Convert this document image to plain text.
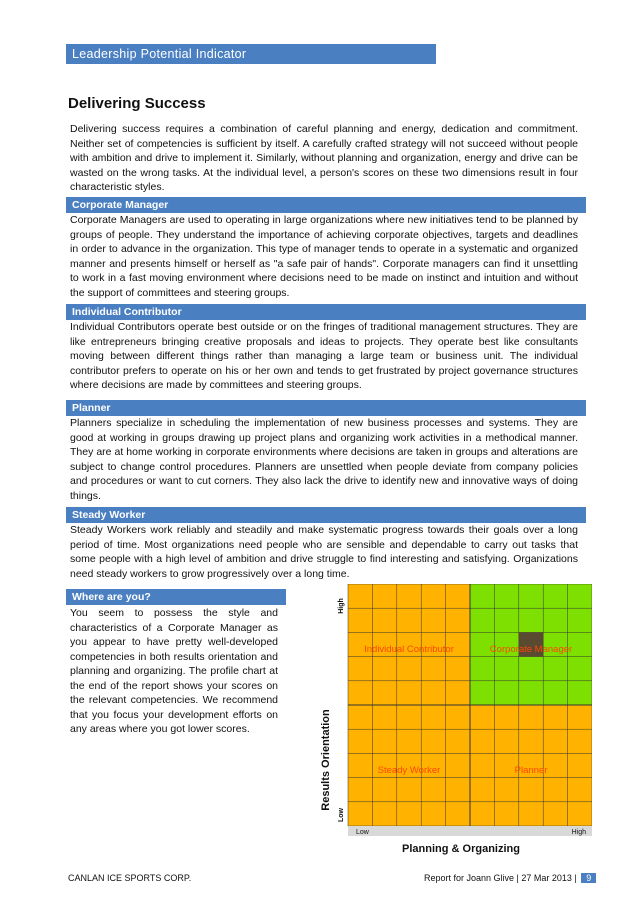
Leadership Potential Indicator
Delivering Success
Delivering success requires a combination of careful planning and energy, dedication and commitment. Neither set of competencies is sufficient by itself. A carefully crafted strategy will not succeed without people with ambition and drive to implement it. Similarly, without planning and organization, energy and drive can be wasted on the wrong tasks. At the individual level, a person's scores on these two dimensions result in four characteristic styles.
Corporate Manager
Corporate Managers are used to operating in large organizations where new initiatives tend to be planned by groups of people. They understand the importance of achieving corporate objectives, targets and deadlines in order to advance in the organization. This type of manager tends to operate in a systematic and organized manner and presents himself or herself as "a safe pair of hands". Corporate managers can find it unsettling to work in a fast moving environment where decisions need to be made on instinct and intuition and without the support of committees and steering groups.
Individual Contributor
Individual Contributors operate best outside or on the fringes of traditional management structures. They are like entrepreneurs bringing creative proposals and ideas to projects. They operate best like consultants moving between different things rather than managing a large team or business unit. The individual contributor prefers to operate on his or her own and tends to get frustrated by project governance structures where decisions are made by committees and steering groups.
Planner
Planners specialize in scheduling the implementation of new business processes and systems. They are good at working in groups drawing up project plans and organizing work activities in a methodical manner. They are at home working in corporate environments where decisions are taken in groups and alterations are subject to change control procedures. Planners are unsettled when people deviate from company policies and procedures or want to cut corners. They also lack the drive to identify new and innovative ways of doing things.
Steady Worker
Steady Workers work reliably and steadily and make systematic progress towards their goals over a long period of time. Most organizations need people who are sensible and dependable to carry out tasks that some people with a high level of ambition and drive struggle to find interesting and satisfying. Organizations need steady workers to grow progressively over a long time.
Where are you?
You seem to possess the style and characteristics of a Corporate Manager as you appear to have pretty well-developed competencies in both results orientation and planning and organizing. The profile chart at the end of the report shows your scores on the relevant competencies. We recommend that you focus your development efforts on any areas where you got lower scores.	Results Orientation
High
Low
Individual Contributor	Corporate Manager
Steady Worker	Planner
Low	High
Planning & Organizing
CANLAN ICE SPORTS CORP.	Report for Joann Glive | 27 Mar 2013 | 9
